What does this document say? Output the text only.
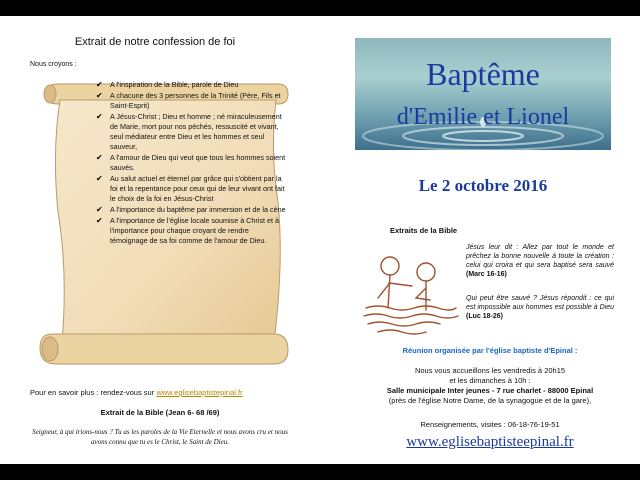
Extrait de notre confession de foi
Nous croyons :
✔ A l'inspiration de la Bible, parole de Dieu
✔ A chacune des 3 personnes de la Trinité (Père, Fils et Saint-Esprit)
✔ A Jésus-Christ ; Dieu et homme ; né miraculeusement de Marie, mort pour nos péchés, ressuscité et vivant, seul médiateur entre Dieu et les hommes et seul sauveur,
✔ A l'amour de Dieu qui veut que tous les hommes soient sauvés.
✔ Au salut actuel et éternel par grâce qui s'obtient par la foi et la repentance pour ceux qui de leur vivant ont fait le choix de la foi en Jésus-Christ
✔ A l'importance du baptême par immersion et de la cène
✔ A l'importance de l'église locale soumise à Christ et à l'importance pour chaque croyant de rendre témoignage de sa foi comme de l'amour de Dieu.
Pour en savoir plus : rendez-vous sur www.eglisebaptistepinal.fr
Extrait de la Bible (Jean 6- 68 /69)
Seigneur, à qui irions-nous ? Tu as les paroles de la Vie Eternelle et nous avons cru et nous avons connu que tu es le Christ, le Saint de Dieu.
Baptême
d'Emilie et Lionel
Le 2 octobre 2016
Extraits de la Bible
Jésus leur dit : Allez par tout le monde et prêchez la bonne nouvelle à toute la création : celui qui croira et qui sera baptisé sera sauvé (Marc 16-16)
Qui peut être sauvé ? Jésus répondit : ce qui est impossible aux hommes est possible à Dieu (Luc 18-26)
Réunion organisée par l'église baptiste d'Epinal :
Nous vous accueillons les vendredis à 20h15
et les dimanches à 10h :
Salle municipale Inter jeunes - 7 rue charlet - 88000 Epinal
(près de l'église Notre Dame, de la synagogue et de la gare),
Renseignements, visites : 06-18-76-19-51
www.eglisebaptisteepinal.fr
